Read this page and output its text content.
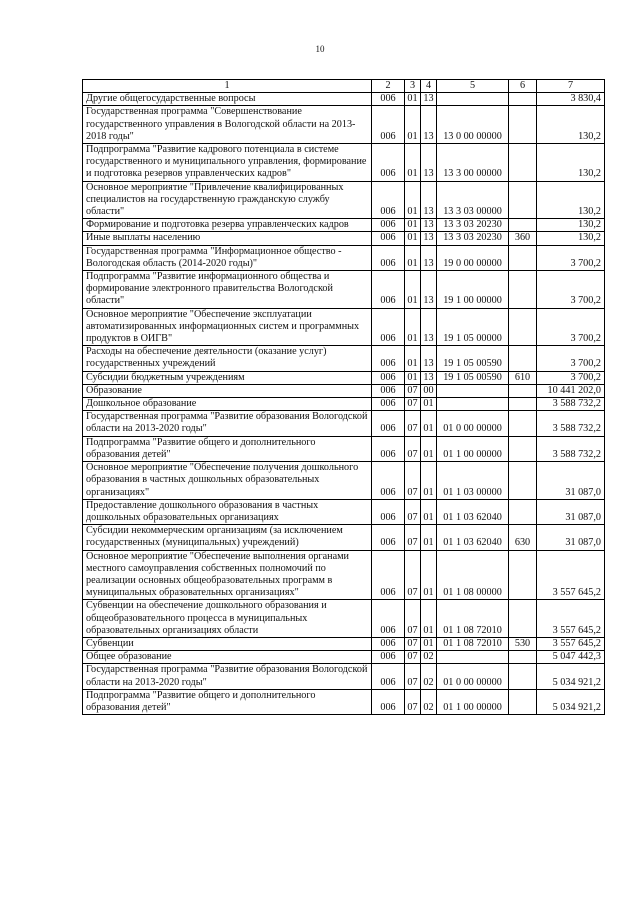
10
1	2	3	4	5	6	7
Другие общегосударственные вопросы	006	01	13			3 830,4
Государственная программа "Совершенствование государственного управления в Вологодской области на 2013-2018 годы"	006	01	13	13 0 00 00000		130,2
Подпрограмма "Развитие кадрового потенциала в системе государственного и муниципального управления, формирование и подготовка резервов управленческих кадров"	006	01	13	13 3 00 00000		130,2
Основное мероприятие "Привлечение квалифицированных специалистов на государственную гражданскую службу области"	006	01	13	13 3 03 00000		130,2
Формирование и подготовка резерва управленческих кадров	006	01	13	13 3 03 20230		130,2
Иные выплаты населению	006	01	13	13 3 03 20230	360	130,2
Государственная программа "Информационное общество - Вологодская область (2014-2020 годы)"	006	01	13	19 0 00 00000		3 700,2
Подпрограмма "Развитие информационного общества и формирование электронного правительства Вологодской области"	006	01	13	19 1 00 00000		3 700,2
Основное мероприятие "Обеспечение эксплуатации автоматизированных информационных систем и программных продуктов в ОИГВ"	006	01	13	19 1 05 00000		3 700,2
Расходы на обеспечение деятельности (оказание услуг) государственных учреждений	006	01	13	19 1 05 00590		3 700,2
Субсидии бюджетным учреждениям	006	01	13	19 1 05 00590	610	3 700,2
Образование	006	07	00			10 441 202,0
Дошкольное образование	006	07	01			3 588 732,2
Государственная программа "Развитие образования Вологодской области на 2013-2020 годы"	006	07	01	01 0 00 00000		3 588 732,2
Подпрограмма "Развитие общего и дополнительного образования детей"	006	07	01	01 1 00 00000		3 588 732,2
Основное мероприятие "Обеспечение получения дошкольного образования в частных дошкольных образовательных организациях"	006	07	01	01 1 03 00000		31 087,0
Предоставление дошкольного образования в частных дошкольных образовательных организациях	006	07	01	01 1 03 62040		31 087,0
Субсидии некоммерческим организациям (за исключением государственных (муниципальных) учреждений)	006	07	01	01 1 03 62040	630	31 087,0
Основное мероприятие "Обеспечение выполнения органами местного самоуправления собственных полномочий по реализации основных общеобразовательных программ в муниципальных образовательных организациях"	006	07	01	01 1 08 00000		3 557 645,2
Субвенции на обеспечение дошкольного образования и общеобразовательного процесса в муниципальных образовательных организациях области	006	07	01	01 1 08 72010		3 557 645,2
Субвенции	006	07	01	01 1 08 72010	530	3 557 645,2
Общее образование	006	07	02			5 047 442,3
Государственная программа "Развитие образования Вологодской области на 2013-2020 годы"	006	07	02	01 0 00 00000		5 034 921,2
Подпрограмма "Развитие общего и дополнительного образования детей"	006	07	02	01 1 00 00000		5 034 921,2
